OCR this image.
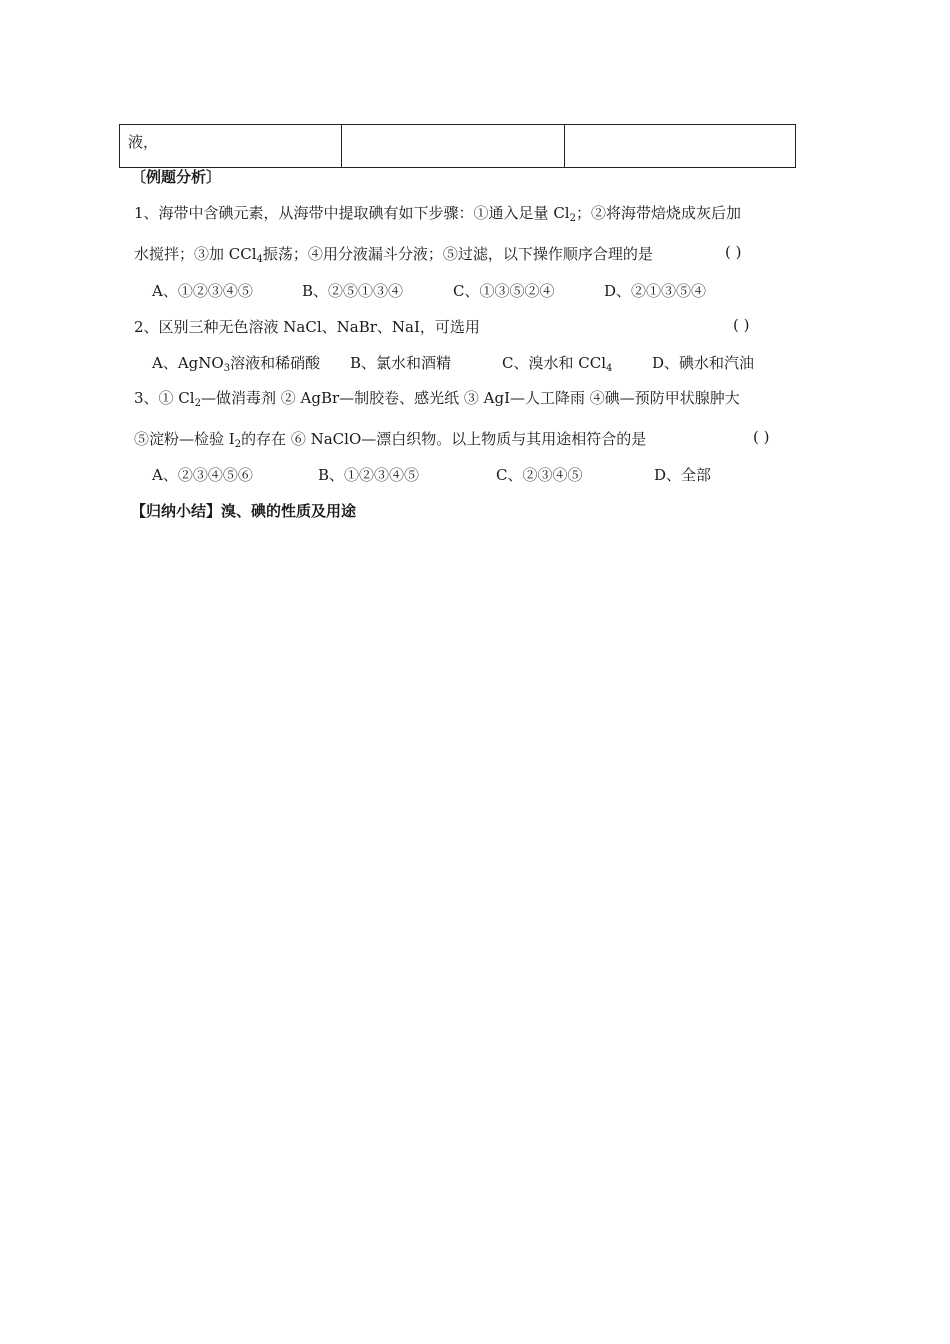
液，		
〔例题分析〕
1、海带中含碘元素，从海带中提取碘有如下步骤：①通入足量 $Cl_2$；②将海带焙烧成灰后加
水搅拌；③加 CCl$_4$振荡；④用分液漏斗分液；⑤过滤，以下操作顺序合理的是	( )
A、①②③④⑤	B、②⑤①③④	C、①③⑤②④	D、②①③⑤④
2、区别三种无色溶液 NaCl、NaBr、NaI，可选用	( )
A、AgNO$_3$溶液和稀硝酸 B、氯水和酒精	C、溴水和 CCl$_4$	D、碘水和汽油
3、① $Cl_2—$做消毒剂 ② AgBr—制胶卷、感光纸 ③ AgI—人工降雨 ④碘—预防甲状腺肿大
⑤淀粉—检验 $I_2$的存在 ⑥ NaClO—漂白织物。以上物质与其用途相符合的是	( )
A、②③④⑤⑥	B、①②③④⑤	C、②③④⑤	D、全部
【归纳小结】溴、碘的性质及用途
